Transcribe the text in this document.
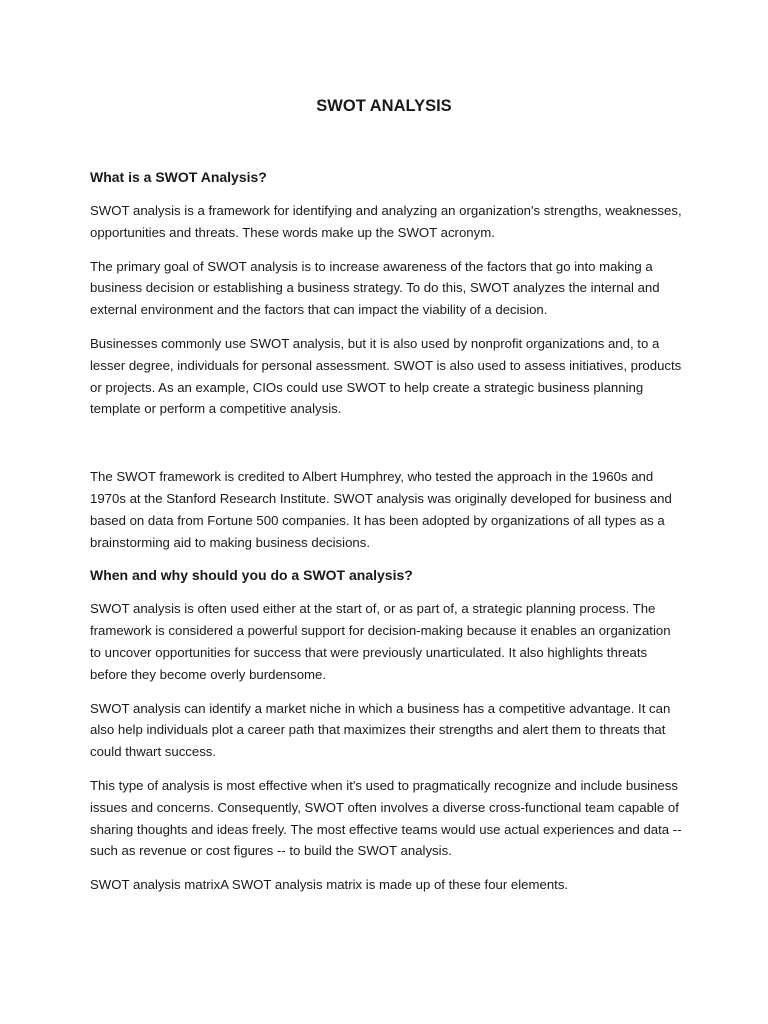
SWOT ANALYSIS
What is a SWOT Analysis?

SWOT analysis is a framework for identifying and analyzing an organization's strengths, weaknesses, opportunities and threats. These words make up the SWOT acronym.

The primary goal of SWOT analysis is to increase awareness of the factors that go into making a business decision or establishing a business strategy. To do this, SWOT analyzes the internal and external environment and the factors that can impact the viability of a decision.

Businesses commonly use SWOT analysis, but it is also used by nonprofit organizations and, to a lesser degree, individuals for personal assessment. SWOT is also used to assess initiatives, products or projects. As an example, CIOs could use SWOT to help create a strategic business planning template or perform a competitive analysis.

The SWOT framework is credited to Albert Humphrey, who tested the approach in the 1960s and 1970s at the Stanford Research Institute. SWOT analysis was originally developed for business and based on data from Fortune 500 companies. It has been adopted by organizations of all types as a brainstorming aid to making business decisions.

When and why should you do a SWOT analysis?

SWOT analysis is often used either at the start of, or as part of, a strategic planning process. The framework is considered a powerful support for decision-making because it enables an organization to uncover opportunities for success that were previously unarticulated. It also highlights threats before they become overly burdensome.

SWOT analysis can identify a market niche in which a business has a competitive advantage. It can also help individuals plot a career path that maximizes their strengths and alert them to threats that could thwart success.

This type of analysis is most effective when it's used to pragmatically recognize and include business issues and concerns. Consequently, SWOT often involves a diverse cross-functional team capable of sharing thoughts and ideas freely. The most effective teams would use actual experiences and data -- such as revenue or cost figures -- to build the SWOT analysis.

SWOT analysis matrixA SWOT analysis matrix is made up of these four elements.
